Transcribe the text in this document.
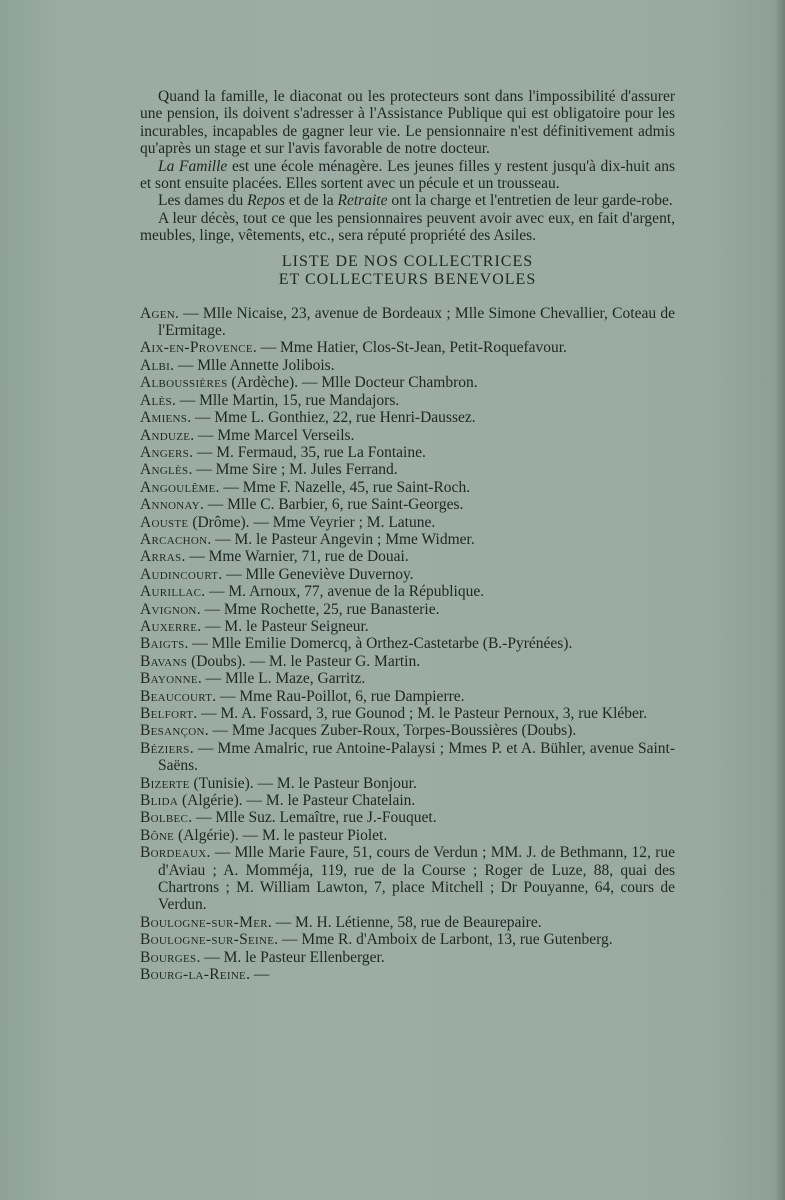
Quand la famille, le diaconat ou les protecteurs sont dans l'impossibilité d'assurer une pension, ils doivent s'adresser à l'Assistance Publique qui est obligatoire pour les incurables, incapables de gagner leur vie. Le pensionnaire n'est définitivement admis qu'après un stage et sur l'avis favorable de notre docteur.

La Famille est une école ménagère. Les jeunes filles y restent jusqu'à dix-huit ans et sont ensuite placées. Elles sortent avec un pécule et un trousseau.

Les dames du Repos et de la Retraite ont la charge et l'entretien de leur garde-robe.

A leur décès, tout ce que les pensionnaires peuvent avoir avec eux, en fait d'argent, meubles, linge, vêtements, etc., sera réputé propriété des Asiles.

LISTE DE NOS COLLECTRICES
ET COLLECTEURS BENEVOLES
Agen. — Mlle Nicaise, 23, avenue de Bordeaux ; Mlle Simone Chevallier, Coteau de l'Ermitage.
Aix-en-Provence. — Mme Hatier, Clos-St-Jean, Petit-Roquefavour.
Albi. — Mlle Annette Jolibois.
Alboussières (Ardèche). — Mlle Docteur Chambron.
Alès. — Mlle Martin, 15, rue Mandajors.
Amiens. — Mme L. Gonthiez, 22, rue Henri-Daussez.
Anduze. — Mme Marcel Verseils.
Angers. — M. Fermaud, 35, rue La Fontaine.
Anglès. — Mme Sire ; M. Jules Ferrand.
Angoulême. — Mme F. Nazelle, 45, rue Saint-Roch.
Annonay. — Mlle C. Barbier, 6, rue Saint-Georges.
Aouste (Drôme). — Mme Veyrier ; M. Latune.
Arcachon. — M. le Pasteur Angevin ; Mme Widmer.
Arras. — Mme Warnier, 71, rue de Douai.
Audincourt. — Mlle Geneviève Duvernoy.
Aurillac. — M. Arnoux, 77, avenue de la République.
Avignon. — Mme Rochette, 25, rue Banasterie.
Auxerre. — M. le Pasteur Seigneur.
Baigts. — Mlle Emilie Domercq, à Orthez-Castetarbe (B.-Pyrénées).
Bavans (Doubs). — M. le Pasteur G. Martin.
Bayonne. — Mlle L. Maze, Garritz.
Beaucourt. — Mme Rau-Poillot, 6, rue Dampierre.
Belfort. — M. A. Fossard, 3, rue Gounod ; M. le Pasteur Pernoux, 3, rue Kléber.
Besançon. — Mme Jacques Zuber-Roux, Torpes-Boussières (Doubs).
Béziers. — Mme Amalric, rue Antoine-Palaysi ; Mmes P. et A. Bühler, avenue Saint-Saëns.
Bizerte (Tunisie). — M. le Pasteur Bonjour.
Blida (Algérie). — M. le Pasteur Chatelain.
Bolbec. — Mlle Suz. Lemaître, rue J.-Fouquet.
Bône (Algérie). — M. le pasteur Piolet.
Bordeaux. — Mlle Marie Faure, 51, cours de Verdun ; MM. J. de Bethmann, 12, rue d'Aviau ; A. Momméja, 119, rue de la Course ; Roger de Luze, 88, quai des Chartrons ; M. William Lawton, 7, place Mitchell ; Dr Pouyanne, 64, cours de Verdun.
Boulogne-sur-Mer. — M. H. Létienne, 58, rue de Beaurepaire.
Boulogne-sur-Seine. — Mme R. d'Amboix de Larbont, 13, rue Gutenberg.
Bourges. — M. le Pasteur Ellenberger.
Bourg-la-Reine. —
